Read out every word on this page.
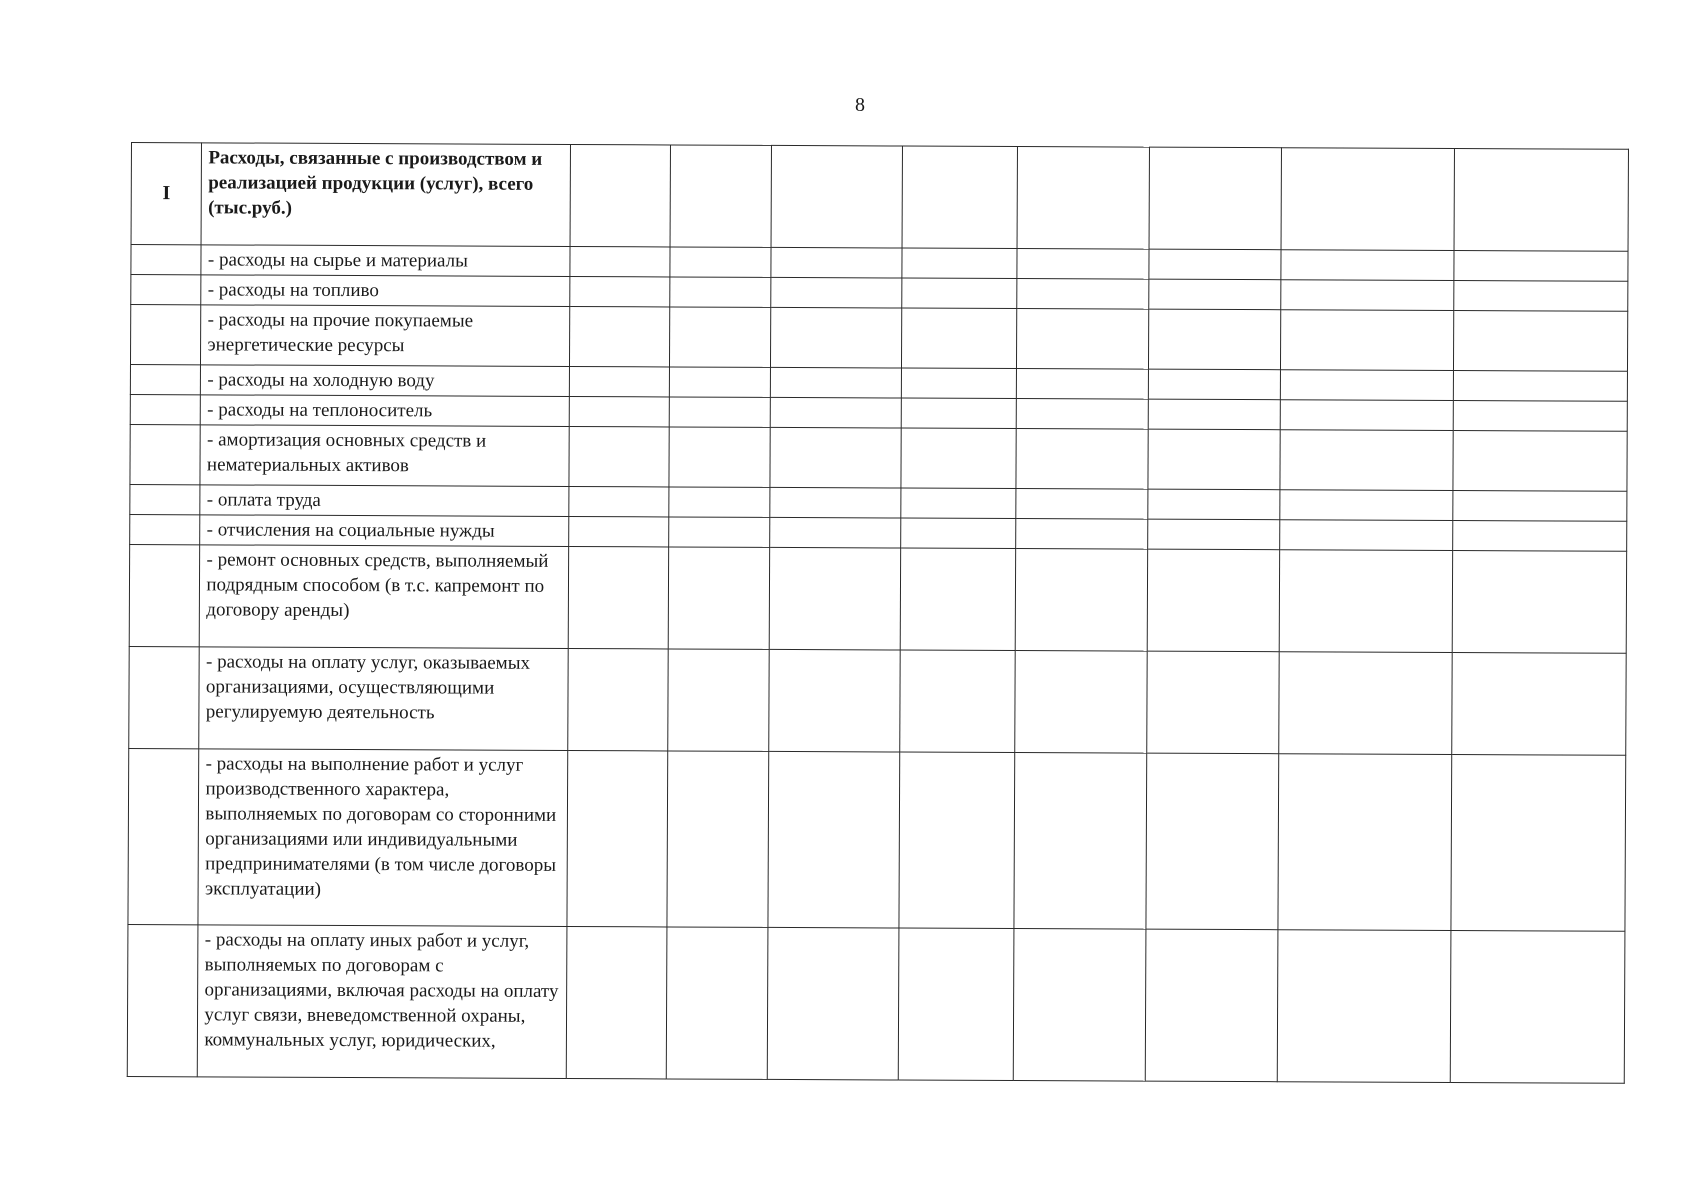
8
I	Расходы, связанные с производством и реализацией продукции (услуг), всего (тыс.руб.)								
	- расходы на сырье и материалы								
	- расходы на топливо								
	- расходы на прочие покупаемые энергетические ресурсы								
	- расходы на холодную воду								
	- расходы на теплоноситель								
	- амортизация основных средств и нематериальных активов								
	- оплата труда								
	- отчисления на социальные нужды								
	- ремонт основных средств, выполняемый подрядным способом (в т.с. капремонт по договору аренды)								
	- расходы на оплату услуг, оказываемых организациями, осуществляющими регулируемую деятельность								
	- расходы на выполнение работ и услуг производственного характера, выполняемых по договорам со сторонними организациями или индивидуальными предпринимателями (в том числе договоры эксплуатации)								
	- расходы на оплату иных работ и услуг, выполняемых по договорам с организациями, включая расходы на оплату услуг связи, вневедомственной охраны, коммунальных услуг, юридических,								
